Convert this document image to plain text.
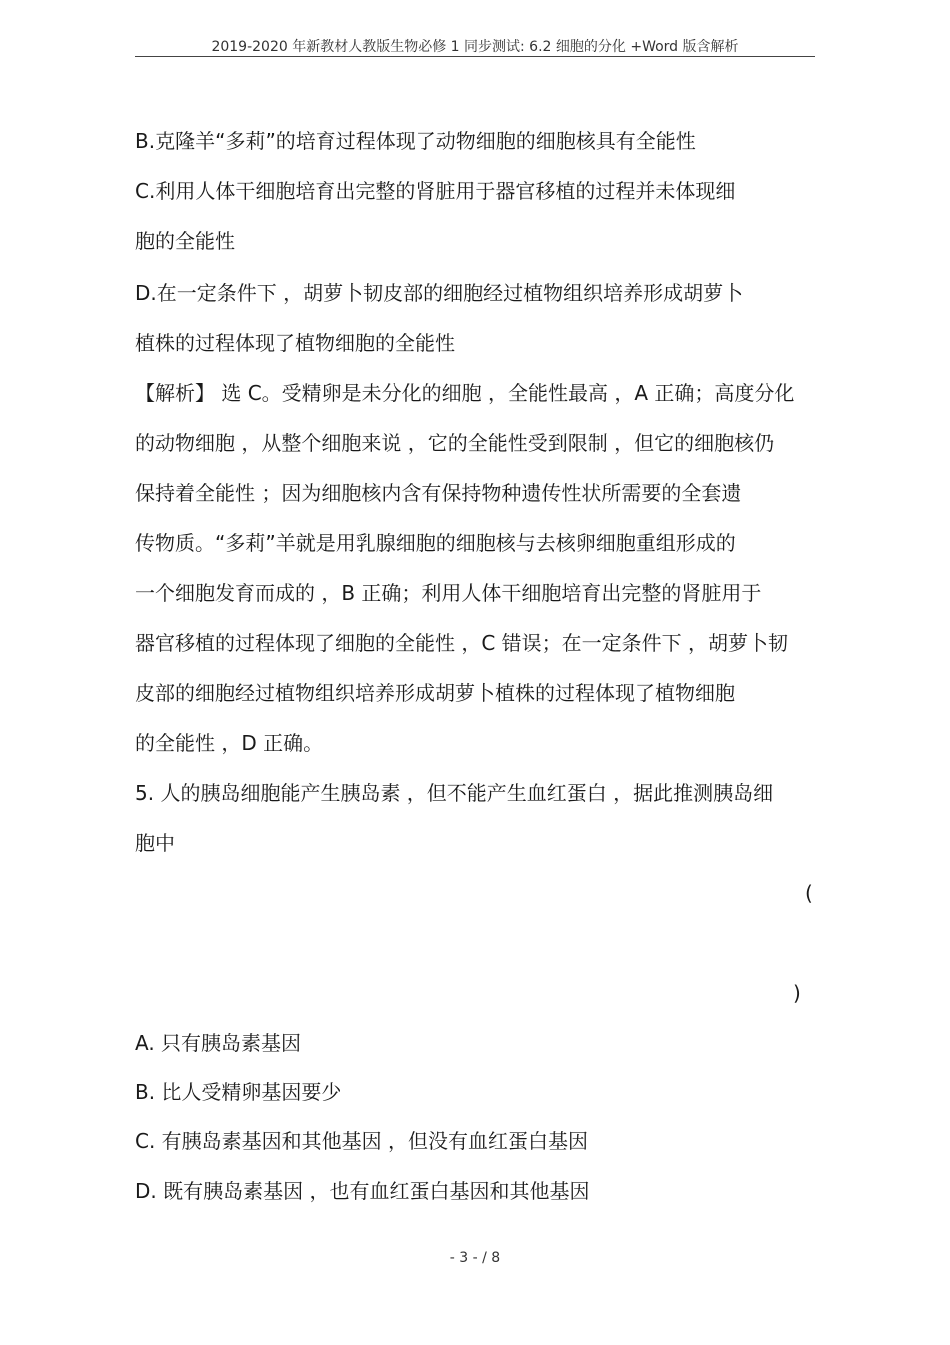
2019-2020 年新教材人教版生物必修 1 同步测试: 6.2 细胞的分化 +Word 版含解析
B.克隆羊“多莉”的培育过程体现了动物细胞的细胞核具有全能性
C.利用人体干细胞培育出完整的肾脏用于器官移植的过程并未体现细
胞的全能性
D.在一定条件下 ，胡萝卜韧皮部的细胞经过植物组织培养形成胡萝卜
植株的过程体现了植物细胞的全能性
【解析】 选 C。受精卵是未分化的细胞 ，全能性最高 ，A 正确；高度分化
的动物细胞 ，从整个细胞来说 ，它的全能性受到限制 ，但它的细胞核仍
保持着全能性 ；因为细胞核内含有保持物种遗传性状所需要的全套遗
传物质。“多莉”羊就是用乳腺细胞的细胞核与去核卵细胞重组形成的
一个细胞发育而成的 ，B 正确；利用人体干细胞培育出完整的肾脏用于
器官移植的过程体现了细胞的全能性 ，C 错误；在一定条件下 ，胡萝卜韧
皮部的细胞经过植物组织培养形成胡萝卜植株的过程体现了植物细胞
的全能性 ，D 正确。
5. 人的胰岛细胞能产生胰岛素 ，但不能产生血红蛋白 ，据此推测胰岛细
胞中
(
)
A. 只有胰岛素基因
B. 比人受精卵基因要少
C. 有胰岛素基因和其他基因 ，但没有血红蛋白基因
D. 既有胰岛素基因 ，也有血红蛋白基因和其他基因
- 3 - / 8
